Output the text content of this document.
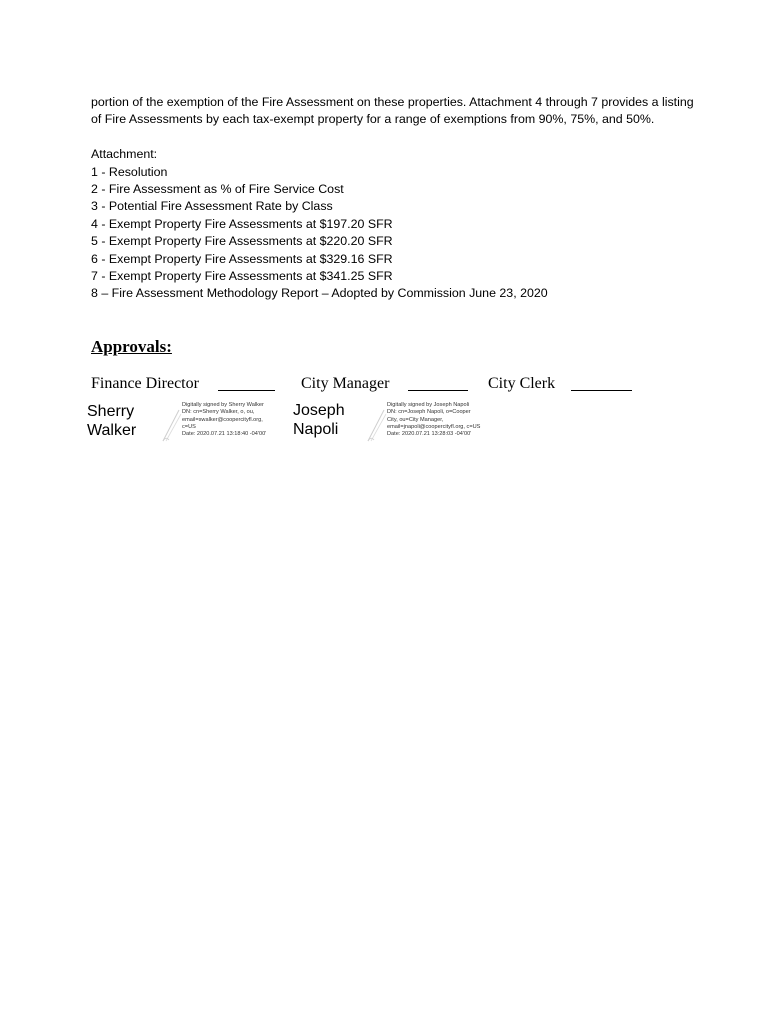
portion of the exemption of the Fire Assessment on these properties. Attachment 4 through 7 provides a listing

of Fire Assessments by each tax-exempt property for a range of exemptions from 90%, 75%, and 50%.

Attachment:

1 - Resolution
2 - Fire Assessment as % of Fire Service Cost
3 - Potential Fire Assessment Rate by Class
4 - Exempt Property Fire Assessments at $197.20 SFR
5 - Exempt Property Fire Assessments at $220.20 SFR
6 - Exempt Property Fire Assessments at $329.16 SFR
7 - Exempt Property Fire Assessments at $341.25 SFR
8 – Fire Assessment Methodology Report – Adopted by Commission June 23, 2020
Approvals:
Finance Director	City Manager	City Clerk
Sherry
Walker
Digitally signed by Sherry Walker
DN: cn=Sherry Walker, o, ou,
email=swalker@coopercityfl.org,
c=US
Date: 2020.07.21 13:18:40 -04'00'
Joseph
Napoli
Digitally signed by Joseph Napoli
DN: cn=Joseph Napoli, o=Cooper
City, ou=City Manager,
email=jnapoli@coopercityfl.org, c=US
Date: 2020.07.21 13:28:03 -04'00'
